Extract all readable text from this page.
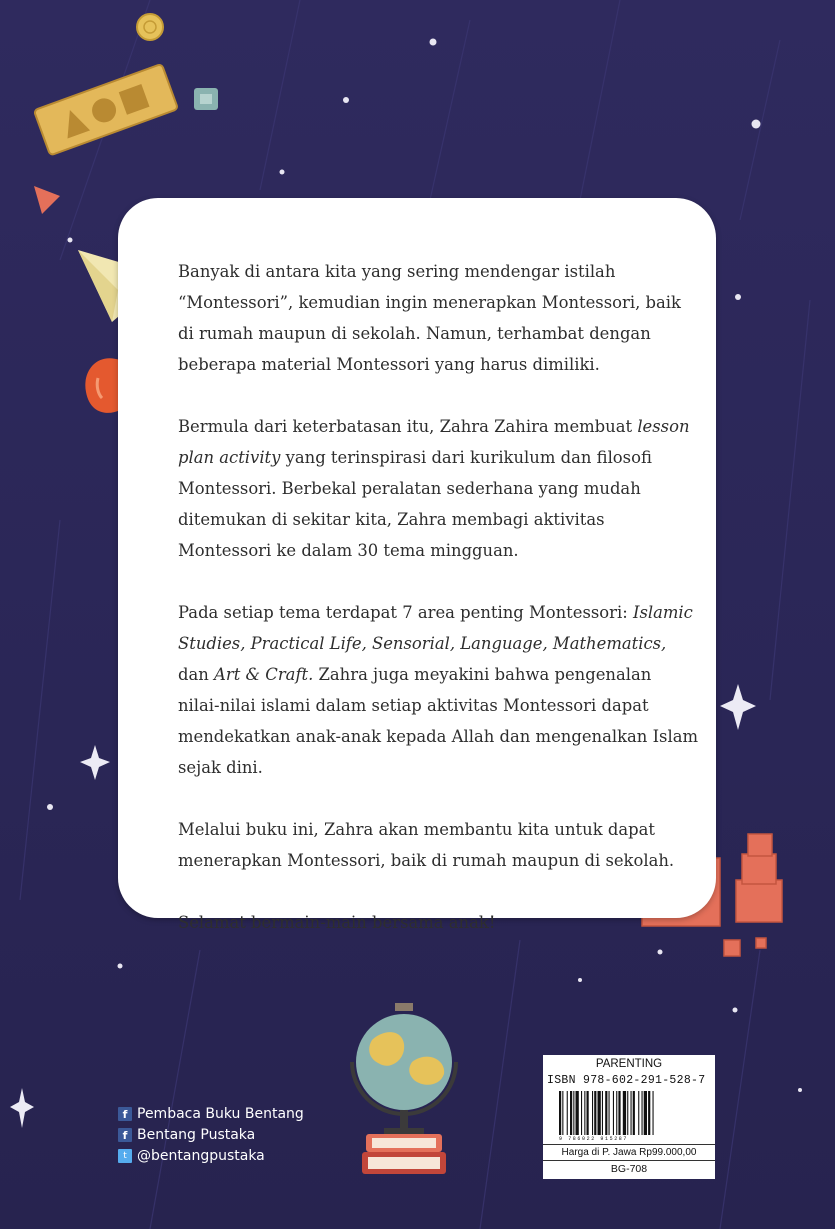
Banyak di antara kita yang sering mendengar istilah “Montessori”, kemudian ingin menerapkan Montessori, baik di rumah maupun di sekolah. Namun, terhambat dengan beberapa material Montessori yang harus dimiliki.

Bermula dari keterbatasan itu, Zahra Zahira membuat lesson plan activity yang terinspirasi dari kurikulum dan filosofi Montessori. Berbekal peralatan sederhana yang mudah ditemukan di sekitar kita, Zahra membagi aktivitas Montessori ke dalam 30 tema mingguan.

Pada setiap tema terdapat 7 area penting Montessori: Islamic Studies, Practical Life, Sensorial, Language, Mathematics, dan Art & Craft. Zahra juga meyakini bahwa pengenalan nilai-nilai islami dalam setiap aktivitas Montessori dapat mendekatkan anak-anak kepada Allah dan mengenalkan Islam sejak dini.

Melalui buku ini, Zahra akan membantu kita untuk dapat menerapkan Montessori, baik di rumah maupun di sekolah.

Selamat bermain-main bersama anak!

f Pembaca Buku Bentang
f Bentang Pustaka
t @bentangpustaka
PARENTING
ISBN 978-602-291-528-7
9 786022 915287
Harga di P. Jawa Rp99.000,00
BG-708
